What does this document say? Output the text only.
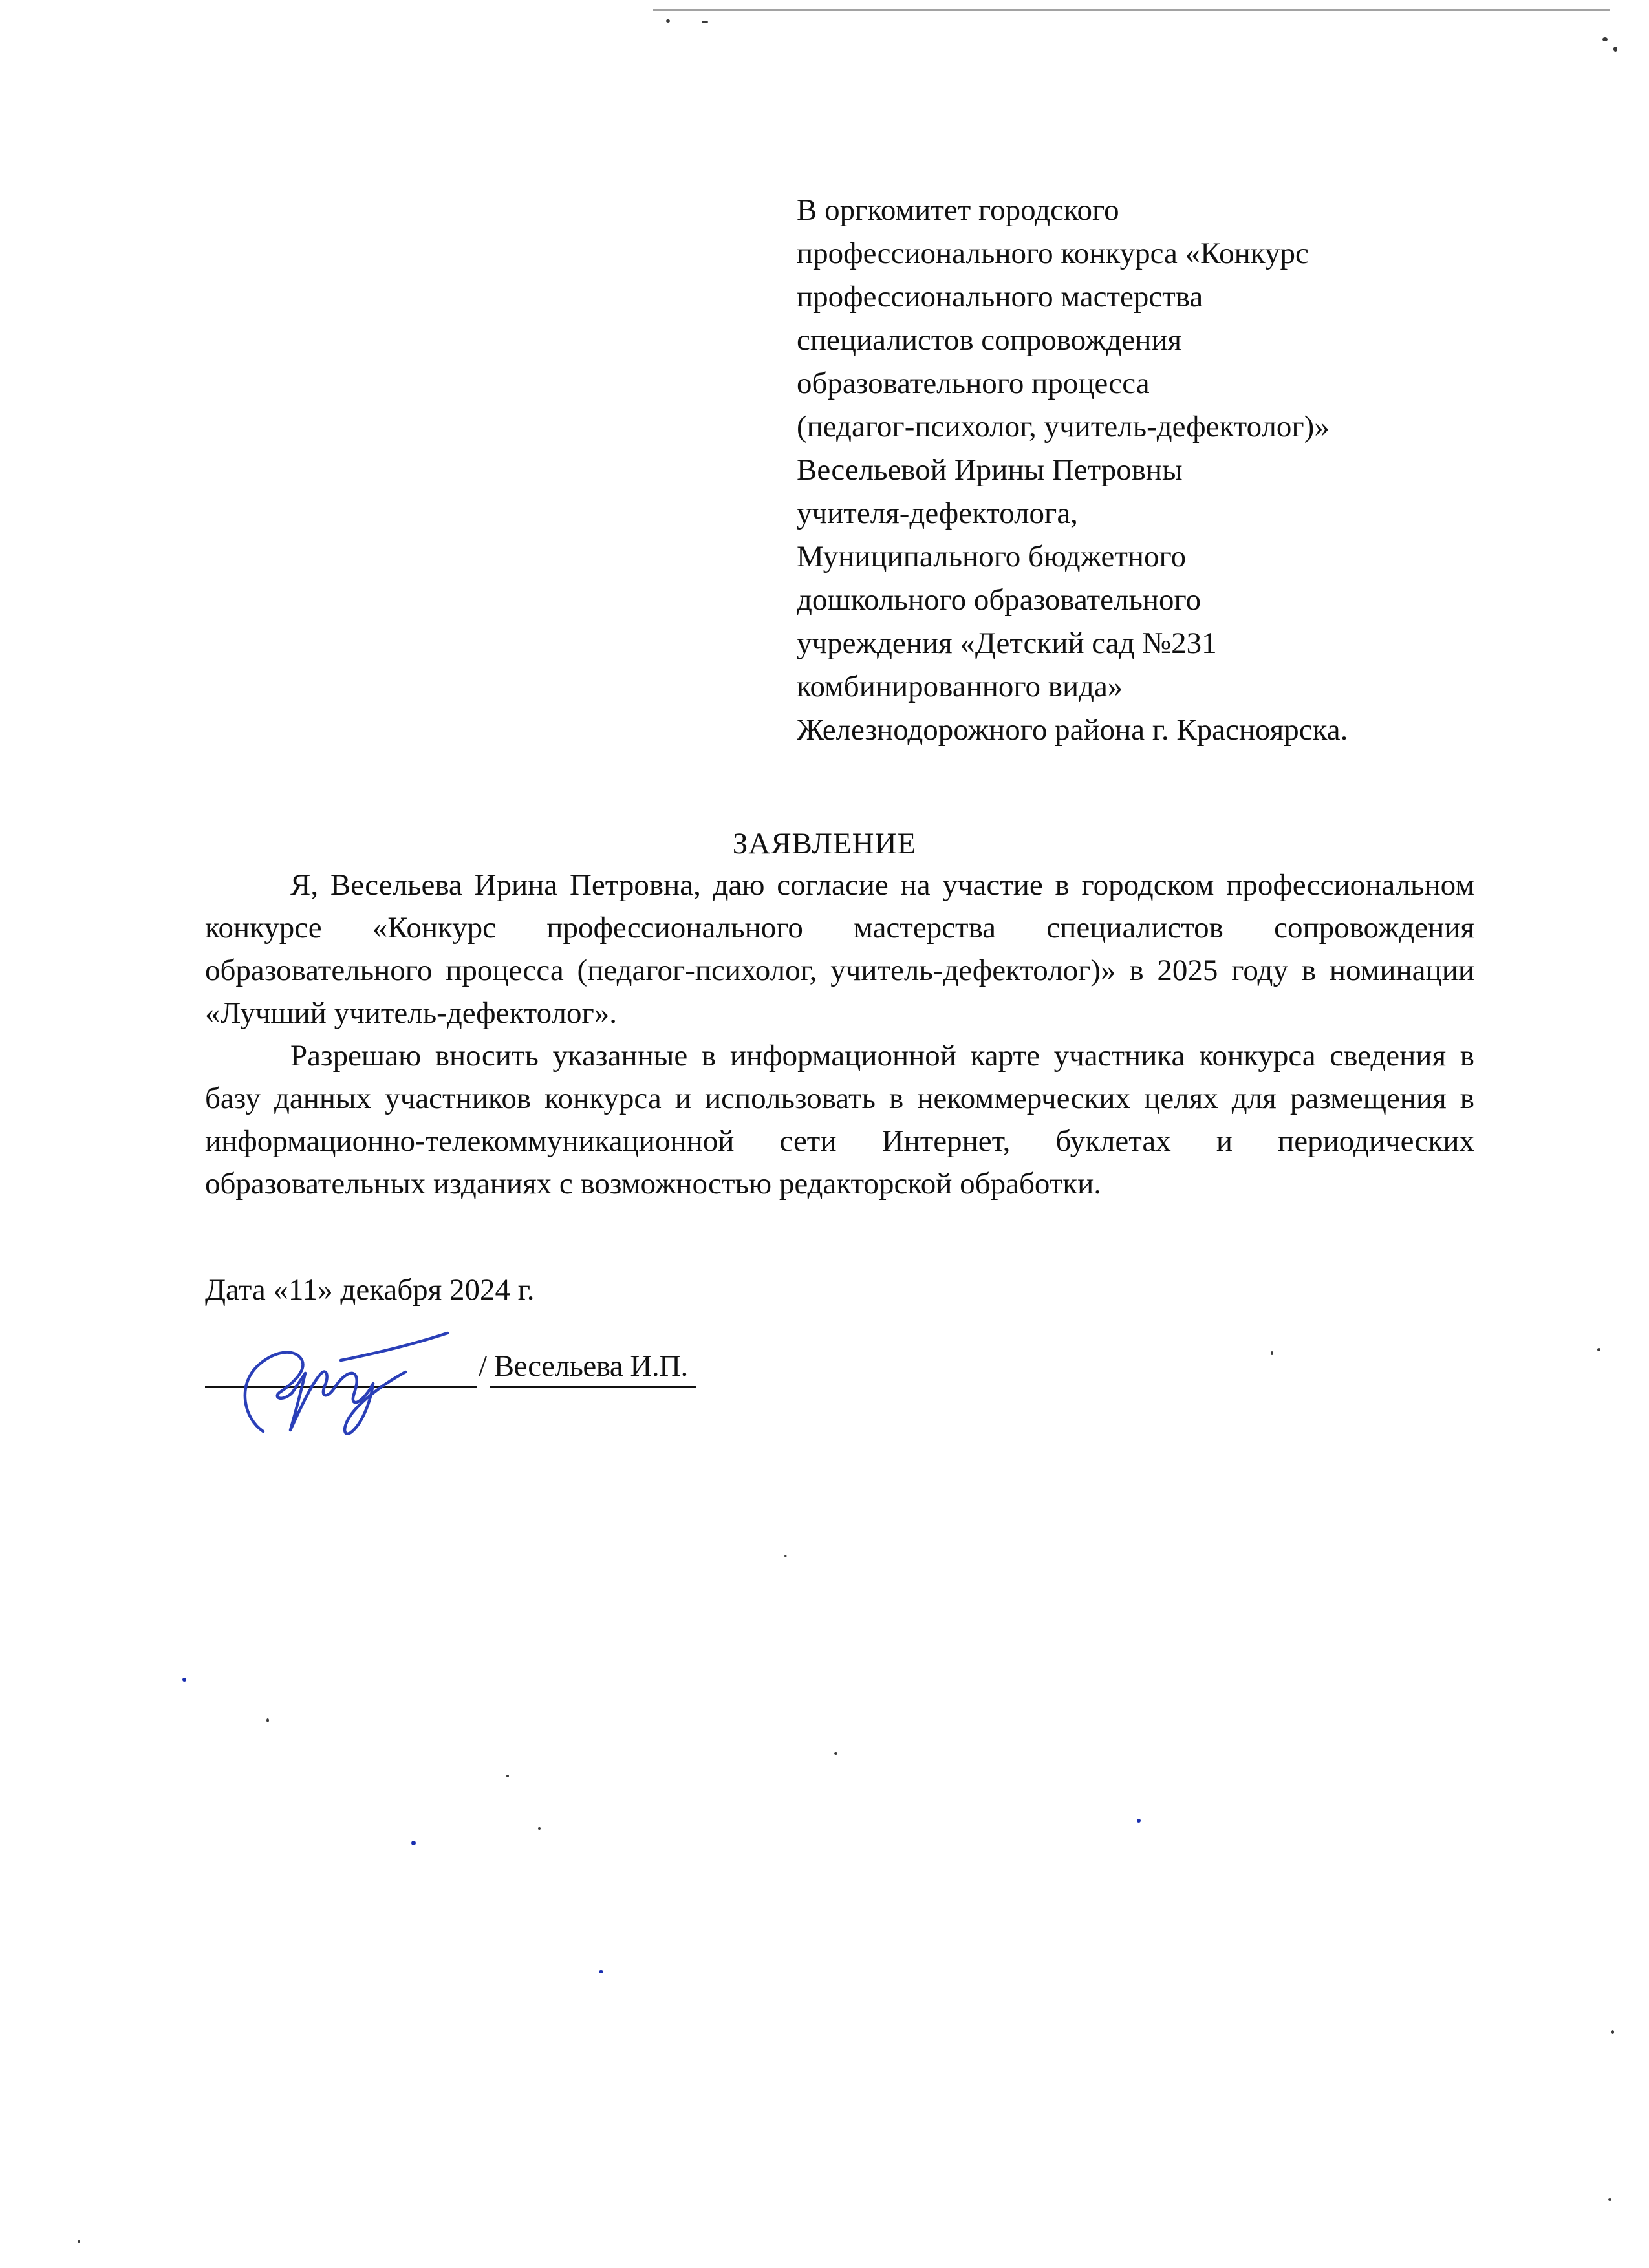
В оргкомитет городского
профессионального конкурса «Конкурс
профессионального мастерства
специалистов сопровождения
образовательного процесса
(педагог-психолог, учитель-дефектолог)»
Весельевой Ирины Петровны
учителя-дефектолога,
Муниципального бюджетного
дошкольного образовательного
учреждения «Детский сад №231
комбинированного вида»
Железнодорожного района г. Красноярска.
ЗАЯВЛЕНИЕ

Я, Весельева Ирина Петровна, даю согласие на участие в городском профессиональном конкурсе «Конкурс профессионального мастерства специалистов сопровождения образовательного процесса (педагог-психолог, учитель-дефектолог)» в 2025 году в номинации «Лучший учитель-дефектолог».

Разрешаю вносить указанные в информационной карте участника конкурса сведения в базу данных участников конкурса и использовать в некоммерческих целях для размещения в информационно-телекоммуникационной сети Интернет, буклетах и периодических образовательных изданиях с возможностью редакторской обработки.

Дата «11» декабря 2024 г.
/ Весельева И.П.
